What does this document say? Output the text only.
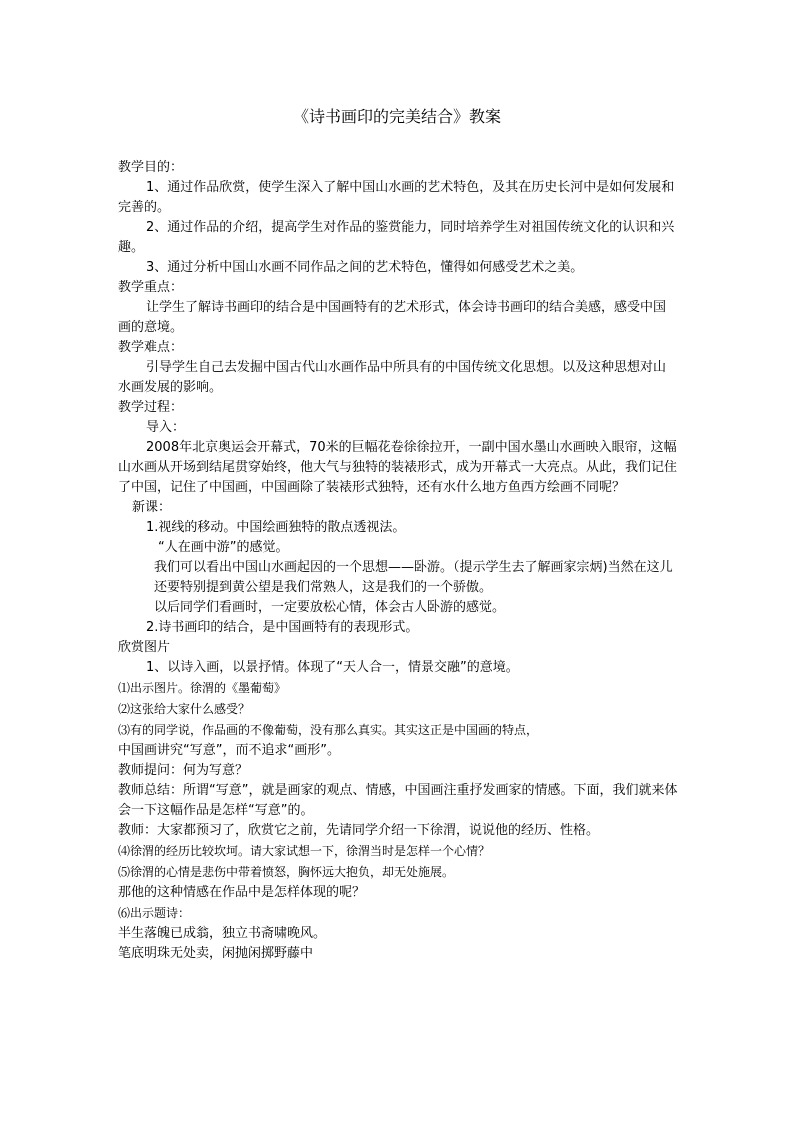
《诗书画印的完美结合》教案

教学目的：

1、通过作品欣赏，使学生深入了解中国山水画的艺术特色，及其在历史长河中是如何发展和完善的。

2、通过作品的介绍，提高学生对作品的鉴赏能力，同时培养学生对祖国传统文化的认识和兴趣。

3、通过分析中国山水画不同作品之间的艺术特色，懂得如何感受艺术之美。

教学重点：

让学生了解诗书画印的结合是中国画特有的艺术形式，体会诗书画印的结合美感，感受中国画的意境。

教学难点：

引导学生自己去发掘中国古代山水画作品中所具有的中国传统文化思想。以及这种思想对山水画发展的影响。

教学过程：

导入：

2008年北京奥运会开幕式，70米的巨幅花卷徐徐拉开，一副中国水墨山水画映入眼帘，这幅山水画从开场到结尾贯穿始终，他大气与独特的装裱形式，成为开幕式一大亮点。从此，我们记住了中国，记住了中国画，中国画除了装裱形式独特，还有水什么地方鱼西方绘画不同呢？

新课：

1.视线的移动。中国绘画独特的散点透视法。

“人在画中游”的感觉。

我们可以看出中国山水画起因的一个思想——卧游。（提示学生去了解画家宗炳)当然在这儿还要特别提到黄公望是我们常熟人，这是我们的一个骄傲。

以后同学们看画时，一定要放松心情，体会古人卧游的感觉。

2.诗书画印的结合，是中国画特有的表现形式。

欣赏图片

1、以诗入画，以景抒情。体现了“天人合一，情景交融”的意境。

⑴出示图片。徐渭的《墨葡萄》

⑵这张给大家什么感受？

⑶有的同学说，作品画的不像葡萄，没有那么真实。其实这正是中国画的特点，

中国画讲究“写意”，而不追求“画形”。

教师提问：何为写意？

教师总结：所谓“写意”，就是画家的观点、情感，中国画注重抒发画家的情感。下面，我们就来体会一下这幅作品是怎样“写意”的。

教师：大家都预习了，欣赏它之前，先请同学介绍一下徐渭，说说他的经历、性格。

⑷徐渭的经历比较坎坷。请大家试想一下，徐渭当时是怎样一个心情？

⑸徐渭的心情是悲伤中带着愤怒，胸怀远大抱负，却无处施展。

那他的这种情感在作品中是怎样体现的呢？

⑹出示题诗：

半生落魄已成翁，独立书斋啸晚风。

笔底明珠无处卖，闲抛闲掷野藤中
